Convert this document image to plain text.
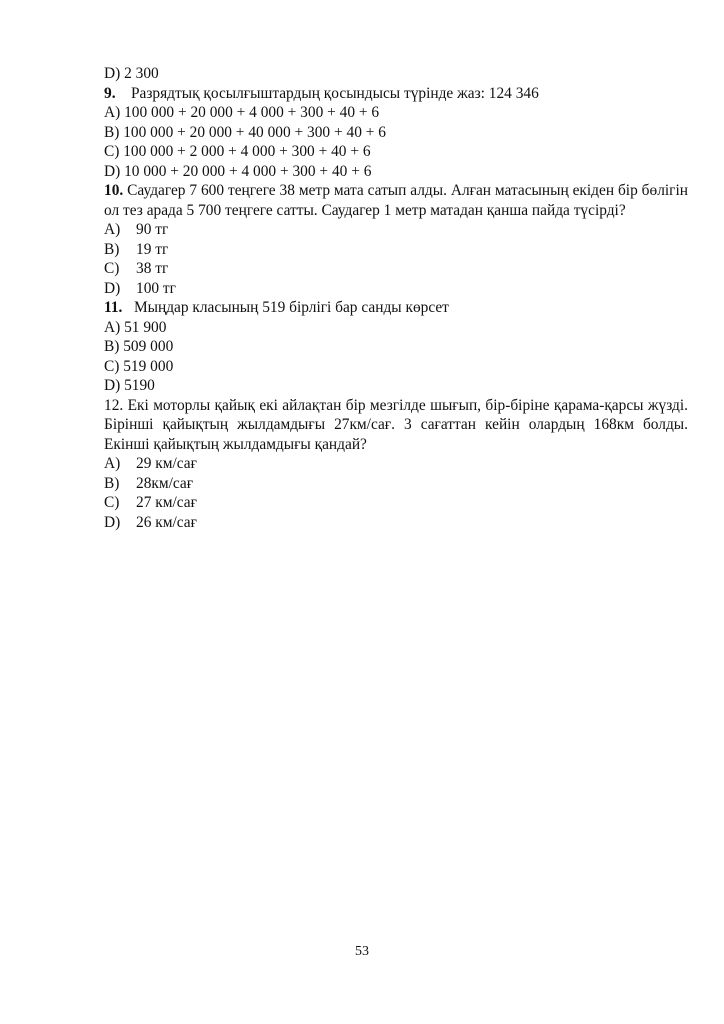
D) 2 300
9. Разрядтық қосылғыштардың қосындысы түрінде жаз: 124 346
A) 100 000 + 20 000 + 4 000 + 300 + 40 + 6
B) 100 000 + 20 000 + 40 000 + 300 + 40 + 6
C) 100 000 + 2 000 + 4 000 + 300 + 40 + 6
D) 10 000 + 20 000 + 4 000 + 300 + 40 + 6
10. Саудагер 7 600 теңгеге 38 метр мата сатып алды. Алған матасының екіден бір бөлігін ол тез арада 5 700 теңгеге сатты. Саудагер 1 метр матадан қанша пайда түсірді?
A) 90 тг
B) 19 тг
C) 38 тг
D) 100 тг
11. Мыңдар класының 519 бірлігі бар санды көрсет
A) 51 900
B) 509 000
C) 519 000
D) 5190
12. Екі моторлы қайық екі айлақтан бір мезгілде шығып, бір-біріне қарама-қарсы жүзді. Бірінші қайықтың жылдамдығы 27км/сағ. 3 сағаттан кейін олардың 168км болды. Екінші қайықтың жылдамдығы қандай?
A) 29 км/сағ
B) 28км/сағ
C) 27 км/сағ
D) 26 км/сағ
53
